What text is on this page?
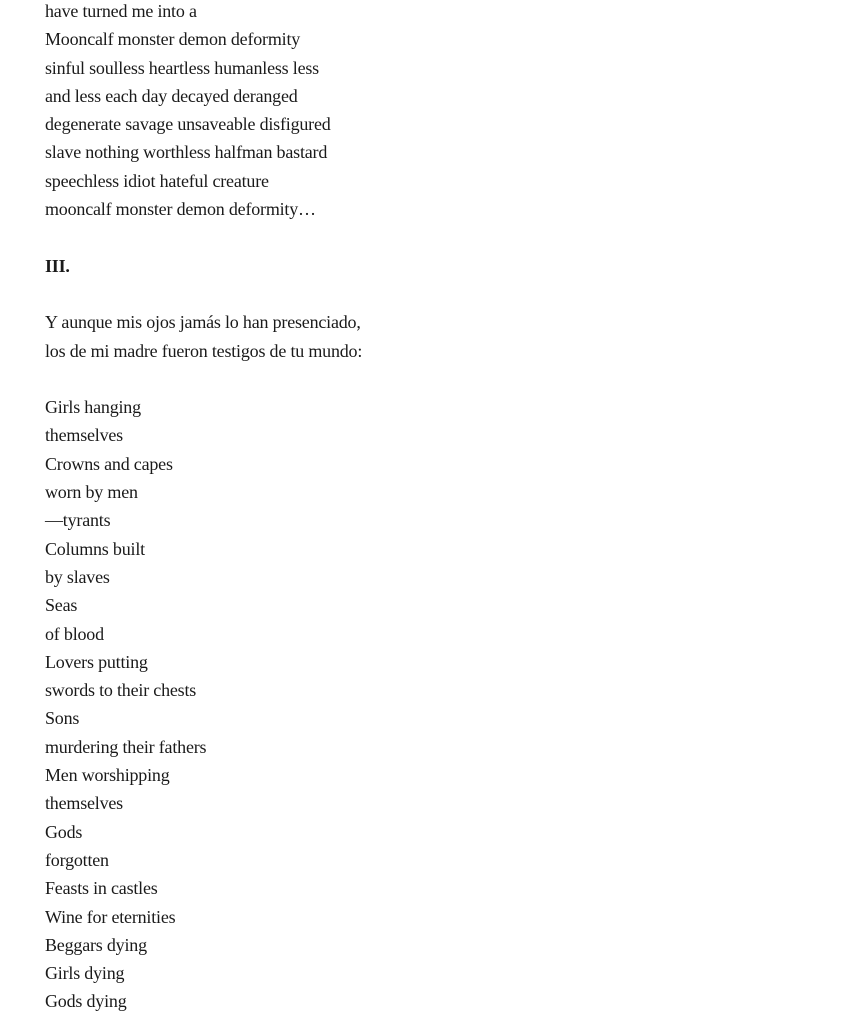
have turned me into a
Mooncalf monster demon deformity
sinful soulless heartless humanless less
and less each day decayed deranged
degenerate savage unsaveable disfigured
slave nothing worthless halfman bastard
speechless idiot hateful creature
mooncalf monster demon deformity…
III.
Y aunque mis ojos jamás lo han presenciado,
los de mi madre fueron testigos de tu mundo:
Girls hanging
themselves
Crowns and capes
worn by men
—tyrants
Columns built
by slaves
Seas
of blood
Lovers putting
swords to their chests
Sons
murdering their fathers
Men worshipping
themselves
Gods
forgotten
Feasts in castles
Wine for eternities
Beggars dying
Girls dying
Gods dying
